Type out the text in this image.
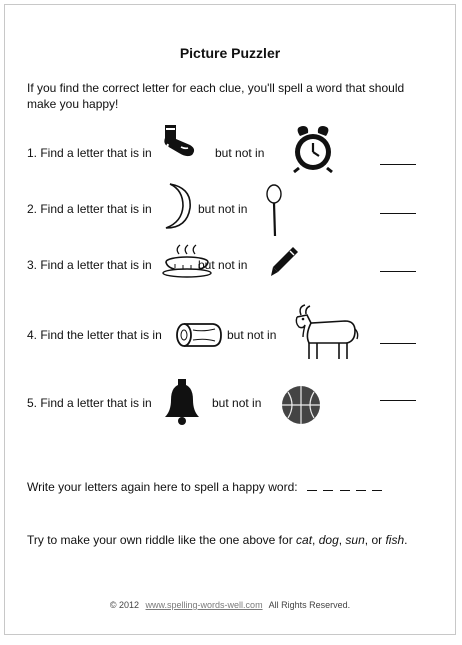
Picture Puzzler
If you find the correct letter for each clue, you'll spell a word that should make you happy!
1. Find a letter that is in	but not in
2. Find a letter that is in	but not in
3. Find a letter that is in	but not in
4. Find the letter that is in	but not in
5. Find a letter that is in	but not in
Write your letters again here to spell a happy word:
Try to make your own riddle like the one above for cat, dog, sun, or fish.
© 2012 www.spelling-words-well.com All Rights Reserved.
